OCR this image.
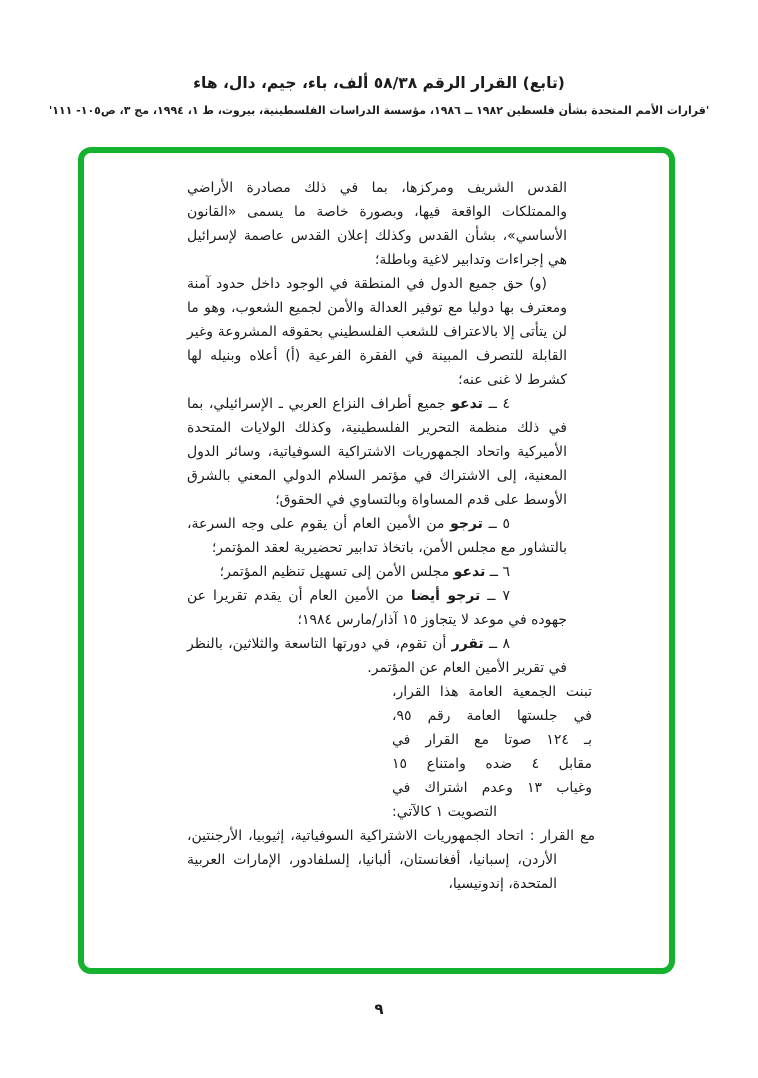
(تابع) القرار الرقم ٥٨/٣٨ ألف، باء، جيم، دال، هاء
'قرارات الأمم المتحدة بشأن فلسطين ١٩٨٢ ــ ١٩٨٦، مؤسسة الدراسات الفلسطينية، بيروت، ط ١، ١٩٩٤، مج ٣، ص١٠٥- ١١١'

القدس الشريف ومركزها، بما في ذلك مصادرة الأراضي والممتلكات الواقعة فيها، وبصورة خاصة ما يسمى «القانون الأساسي»، بشأن القدس وكذلك إعلان القدس عاصمة لإسرائيل هي إجراءات وتدابير لاغية وباطلة؛

(و) حق جميع الدول في المنطقة في الوجود داخل حدود آمنة ومعترف بها دوليا مع توفير العدالة والأمن لجميع الشعوب، وهو ما لن يتأتى إلا بالاعتراف للشعب الفلسطيني بحقوقه المشروعة وغير القابلة للتصرف المبينة في الفقرة الفرعية (أ) أعلاه وبنيله لها كشرط لا غنى عنه؛

٤ ــ تدعو جميع أطراف النزاع العربي ـ الإسرائيلي، بما في ذلك منظمة التحرير الفلسطينية، وكذلك الولايات المتحدة الأميركية واتحاد الجمهوريات الاشتراكية السوفياتية، وسائر الدول المعنية، إلى الاشتراك في مؤتمر السلام الدولي المعني بالشرق الأوسط على قدم المساواة وبالتساوي في الحقوق؛

٥ ــ ترجو من الأمين العام أن يقوم على وجه السرعة، بالتشاور مع مجلس الأمن، باتخاذ تدابير تحضيرية لعقد المؤتمر؛

٦ ــ تدعو مجلس الأمن إلى تسهيل تنظيم المؤتمر؛

٧ ــ ترجو أيضا من الأمين العام أن يقدم تقريرا عن جهوده في موعد لا يتجاوز ١٥ آذار/مارس ١٩٨٤؛

٨ ــ تقرر أن تقوم، في دورتها التاسعة والثلاثين، بالنظر في تقرير الأمين العام عن المؤتمر.

تبنت الجمعية العامة هذا القرار،
في جلستها العامة رقم ٩٥،
بـ ١٢٤ صوتا مع القرار في
مقابل ٤ ضده وامتناع ١٥
وغياب ١٣ وعدم اشتراك في
التصويت ١ كالآتي:
مع القرار : اتحاد الجمهوريات الاشتراكية السوفياتية، إثيوبيا، الأرجنتين، الأردن، إسبانيا، أفغانستان، ألبانيا، إلسلفادور، الإمارات العربية المتحدة، إندونيسيا،
٩
